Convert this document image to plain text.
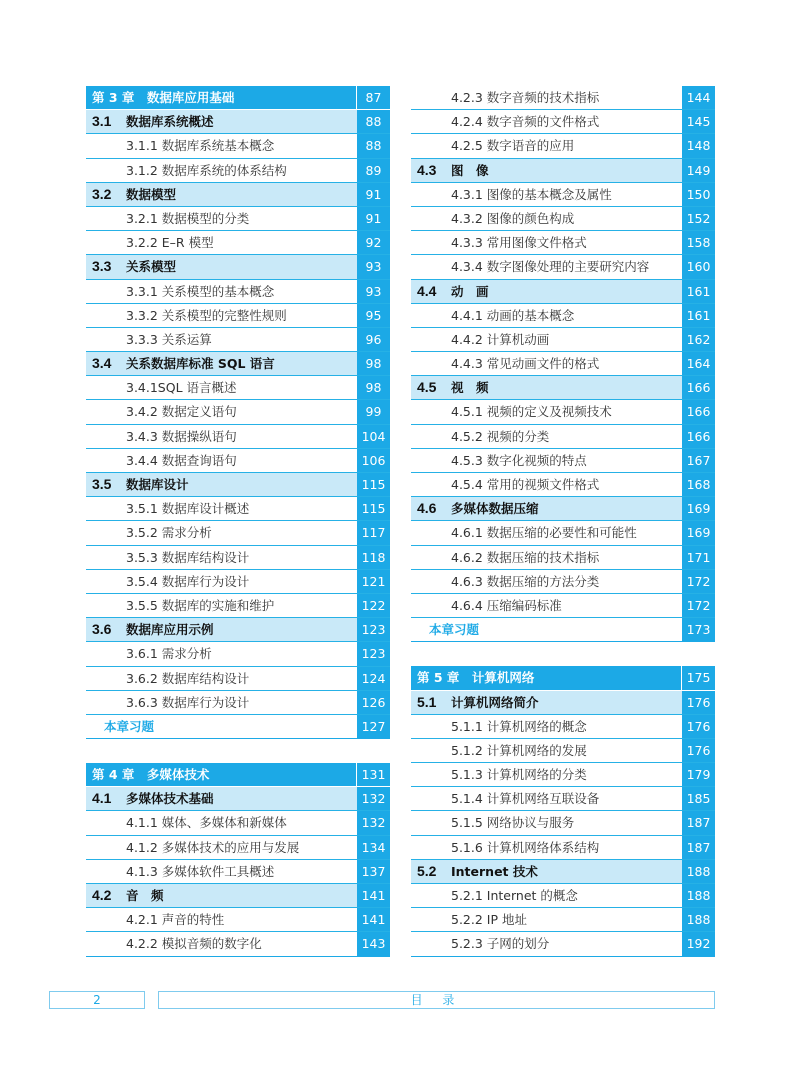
第 3 章　数据库应用基础	87
3.1 数据库系统概述	88
3.1.1 数据库系统基本概念	88
3.1.2 数据库系统的体系结构	89
3.2 数据模型	91
3.2.1 数据模型的分类	91
3.2.2 E–R 模型	92
3.3 关系模型	93
3.3.1 关系模型的基本概念	93
3.3.2 关系模型的完整性规则	95
3.3.3 关系运算	96
3.4 关系数据库标准 SQL 语言	98
3.4.1SQL 语言概述	98
3.4.2 数据定义语句	99
3.4.3 数据操纵语句	104
3.4.4 数据查询语句	106
3.5 数据库设计	115
3.5.1 数据库设计概述	115
3.5.2 需求分析	117
3.5.3 数据库结构设计	118
3.5.4 数据库行为设计	121
3.5.5 数据库的实施和维护	122
3.6 数据库应用示例	123
3.6.1 需求分析	123
3.6.2 数据库结构设计	124
3.6.3 数据库行为设计	126
本章习题	127
第 4 章　多媒体技术	131
4.1 多媒体技术基础	132
4.1.1 媒体、多媒体和新媒体	132
4.1.2 多媒体技术的应用与发展	134
4.1.3 多媒体软件工具概述	137
4.2 音　频	141
4.2.1 声音的特性	141
4.2.2 模拟音频的数字化	143
4.2.3 数字音频的技术指标	144
4.2.4 数字音频的文件格式	145
4.2.5 数字语音的应用	148
4.3 图　像	149
4.3.1 图像的基本概念及属性	150
4.3.2 图像的颜色构成	152
4.3.3 常用图像文件格式	158
4.3.4 数字图像处理的主要研究内容	160
4.4 动　画	161
4.4.1 动画的基本概念	161
4.4.2 计算机动画	162
4.4.3 常见动画文件的格式	164
4.5 视　频	166
4.5.1 视频的定义及视频技术	166
4.5.2 视频的分类	166
4.5.3 数字化视频的特点	167
4.5.4 常用的视频文件格式	168
4.6 多媒体数据压缩	169
4.6.1 数据压缩的必要性和可能性	169
4.6.2 数据压缩的技术指标	171
4.6.3 数据压缩的方法分类	172
4.6.4 压缩编码标准	172
本章习题	173
第 5 章　计算机网络	175
5.1 计算机网络简介	176
5.1.1 计算机网络的概念	176
5.1.2 计算机网络的发展	176
5.1.3 计算机网络的分类	179
5.1.4 计算机网络互联设备	185
5.1.5 网络协议与服务	187
5.1.6 计算机网络体系结构	187
5.2 Internet 技术	188
5.2.1 Internet 的概念	188
5.2.2 IP 地址	188
5.2.3 子网的划分	192
2	目 录
